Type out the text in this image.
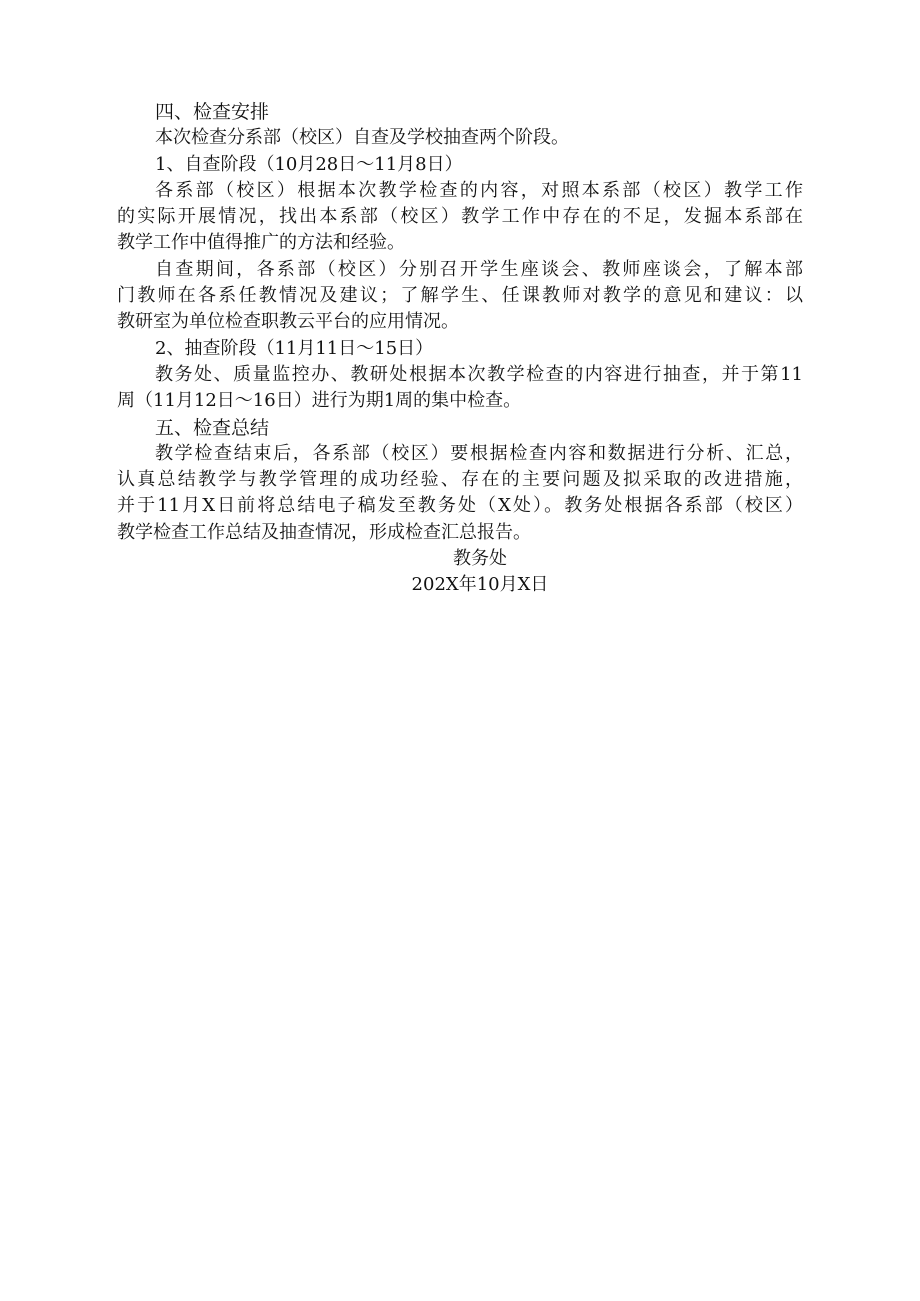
四、检查安排
本次检查分系部（校区）自查及学校抽查两个阶段。
1、自查阶段（10月28日～11月8日）
各系部（校区）根据本次教学检查的内容，对照本系部（校区）教学工作
的实际开展情况，找出本系部（校区）教学工作中存在的不足，发掘本系部在
教学工作中值得推广的方法和经验。
自查期间，各系部（校区）分别召开学生座谈会、教师座谈会，了解本部
门教师在各系任教情况及建议；了解学生、任课教师对教学的意见和建议：以
教研室为单位检查职教云平台的应用情况。
2、抽查阶段（11月11日～15日）
教务处、质量监控办、教研处根据本次教学检查的内容进行抽查，并于第11
周（11月12日～16日）进行为期1周的集中检查。
五、检查总结
教学检查结束后，各系部（校区）要根据检查内容和数据进行分析、汇总，
认真总结教学与教学管理的成功经验、存在的主要问题及拟采取的改进措施，
并于11月X日前将总结电子稿发至教务处（X处）。教务处根据各系部（校区）
教学检查工作总结及抽查情况，形成检查汇总报告。
教务处
202X年10月X日
